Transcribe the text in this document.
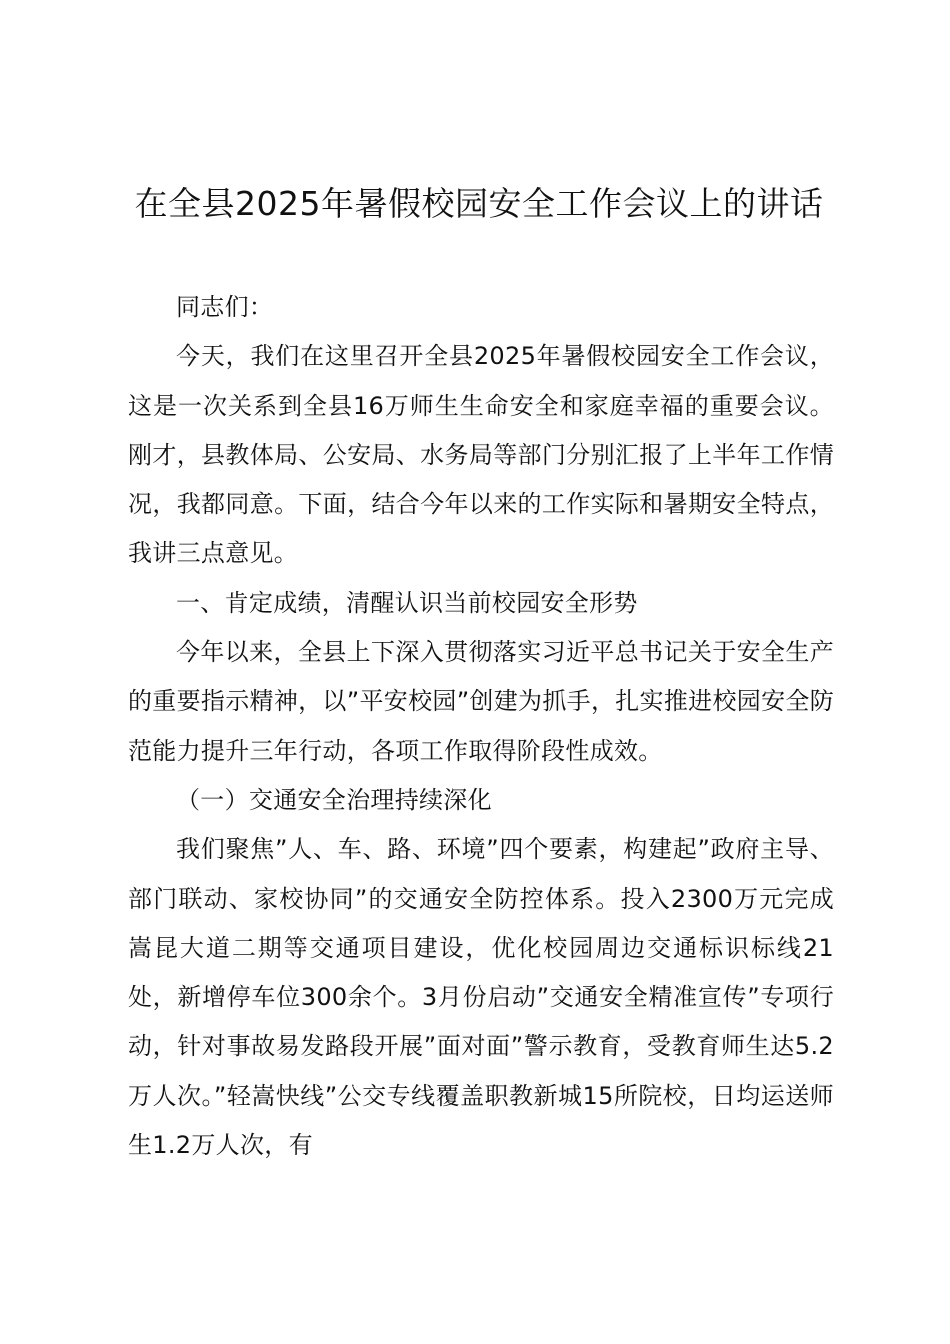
在全县2025年暑假校园安全工作会议上的讲话

同志们：

今天，我们在这里召开全县2025年暑假校园安全工作会议，这是一次关系到全县16万师生生命安全和家庭幸福的重要会议。刚才，县教体局、公安局、水务局等部门分别汇报了上半年工作情况，我都同意。下面，结合今年以来的工作实际和暑期安全特点，我讲三点意见。

一、肯定成绩，清醒认识当前校园安全形势

今年以来，全县上下深入贯彻落实习近平总书记关于安全生产的重要指示精神，以”平安校园”创建为抓手，扎实推进校园安全防范能力提升三年行动，各项工作取得阶段性成效。

（一）交通安全治理持续深化

我们聚焦”人、车、路、环境”四个要素，构建起”政府主导、部门联动、家校协同”的交通安全防控体系。投入2300万元完成嵩昆大道二期等交通项目建设，优化校园周边交通标识标线21处，新增停车位300余个。3月份启动”交通安全精准宣传”专项行动，针对事故易发路段开展”面对面”警示教育，受教育师生达5.2万人次。”轻嵩快线”公交专线覆盖职教新城15所院校，日均运送师生1.2万人次，有
